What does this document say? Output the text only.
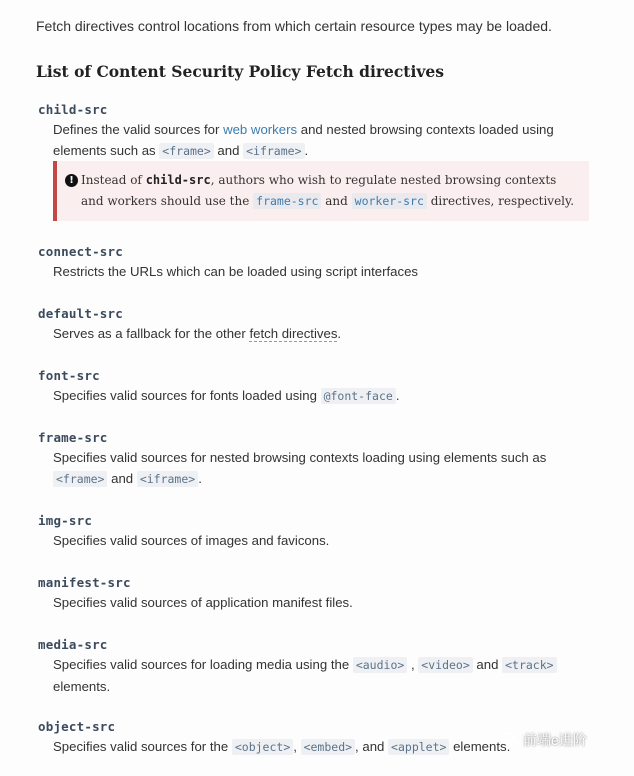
Fetch directives control locations from which certain resource types may be loaded.
List of Content Security Policy Fetch directives
child-src
Defines the valid sources for web workers and nested browsing contexts loaded using elements such as <frame> and <iframe> .
! Instead of child-src, authors who wish to regulate nested browsing contexts and workers should use the frame-src and worker-src directives, respectively.
connect-src
Restricts the URLs which can be loaded using script interfaces
default-src
Serves as a fallback for the other fetch directives.
font-src
Specifies valid sources for fonts loaded using @font-face .
frame-src
Specifies valid sources for nested browsing contexts loading using elements such as <frame> and <iframe> .
img-src
Specifies valid sources of images and favicons.
manifest-src
Specifies valid sources of application manifest files.
media-src
Specifies valid sources for loading media using the <audio> , <video> and <track> elements.
object-src
Specifies valid sources for the <object> , <embed> , and <applet> elements. 前端e进阶
